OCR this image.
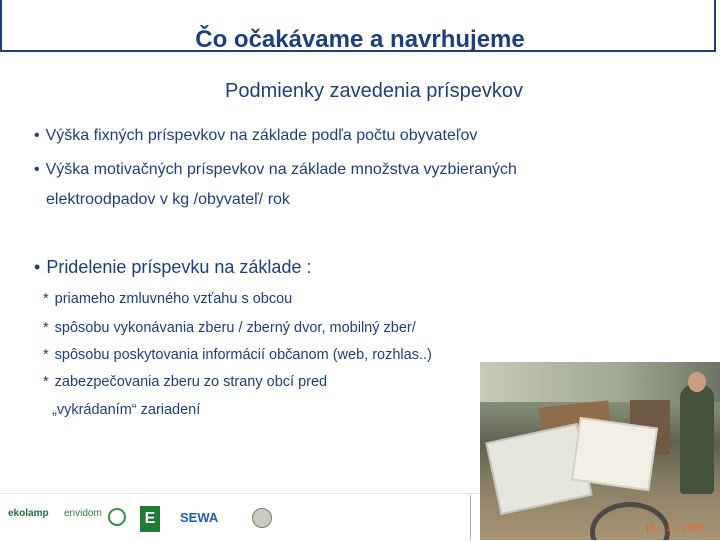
Čo očakávame a navrhujeme
Podmienky zavedenia príspevkov
• Výška fixných príspevkov na základe podľa počtu obyvateľov
• Výška motivačných príspevkov na základe množstva vyzbieraných
elektroodpadov v kg /obyvateľ/ rok
• Pridelenie príspevku na základe :
* priameho zmluvného vzťahu s obcou
* spôsobu vykonávania zberu / zberný dvor, mobilný zber/
* spôsobu poskytovania informácií občanom (web, rozhlas..)
* zabezpečovania zberu zo strany obcí pred
„vykrádaním“ zariadení
13. 1. 2005
ekolamp envidom	E	SEWA
